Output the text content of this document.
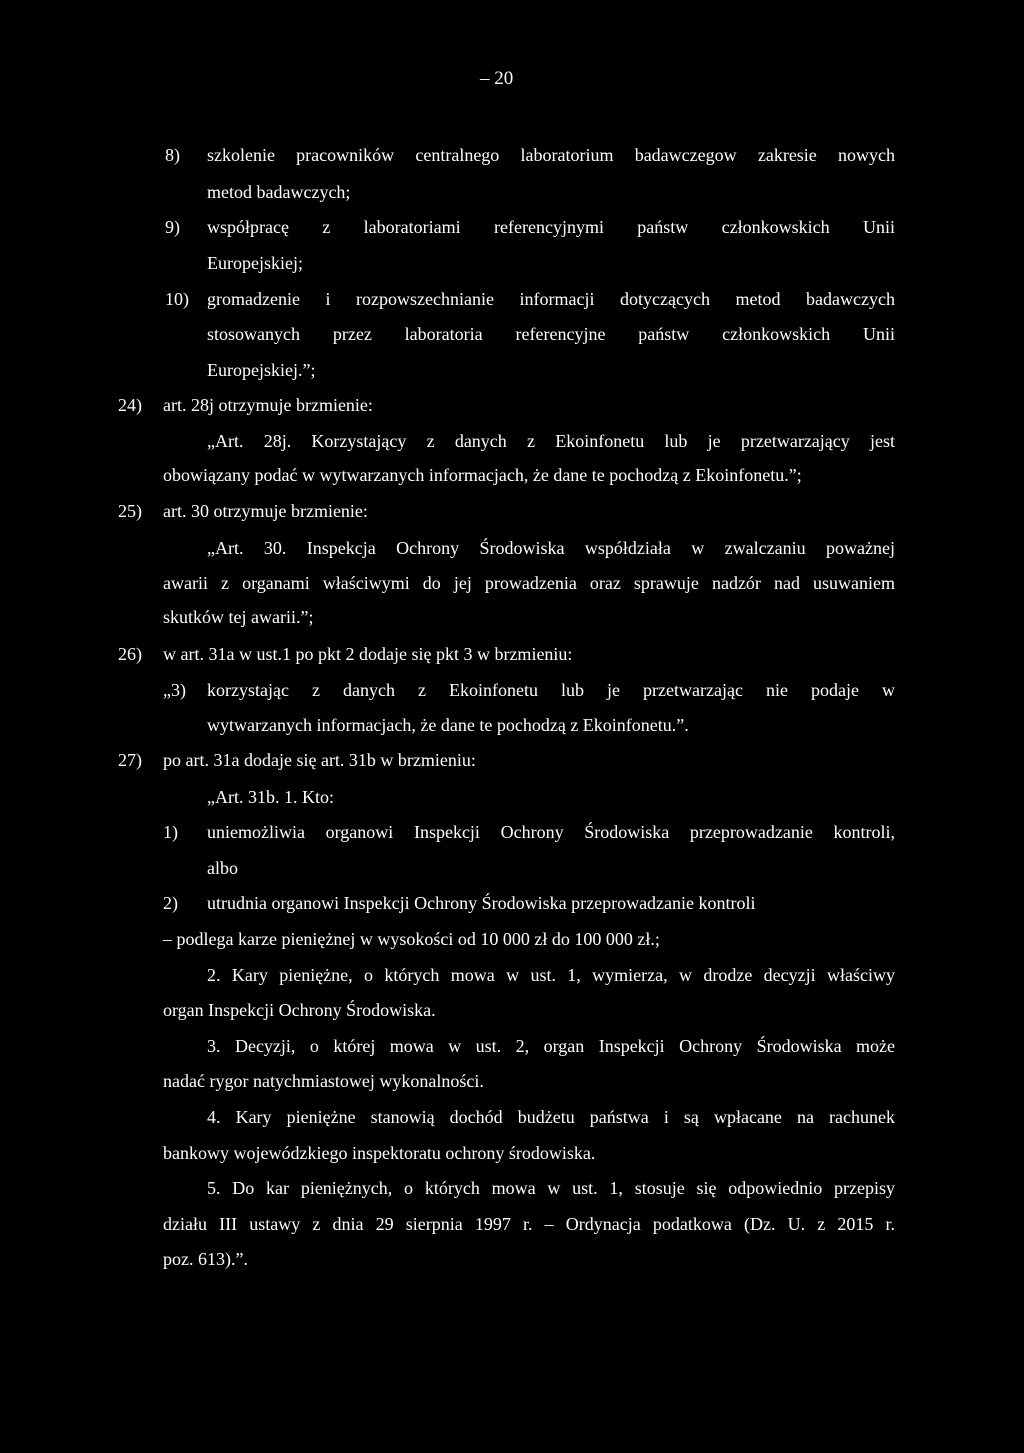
– 20
8) szkolenie pracowników centralnego laboratorium badawczegow zakresie nowych
metod badawczych;
9) współpracę z laboratoriami referencyjnymi państw członkowskich Unii
Europejskiej;
10) gromadzenie i rozpowszechnianie informacji dotyczących metod badawczych
stosowanych przez laboratoria referencyjne państw członkowskich Unii
Europejskiej.”;
24) art. 28j otrzymuje brzmienie:
„Art. 28j. Korzystający z danych z Ekoinfonetu lub je przetwarzający jest
obowiązany podać w wytwarzanych informacjach, że dane te pochodzą z Ekoinfonetu.”;
25) art. 30 otrzymuje brzmienie:
„Art. 30. Inspekcja Ochrony Środowiska współdziała w zwalczaniu poważnej
awarii z organami właściwymi do jej prowadzenia oraz sprawuje nadzór nad usuwaniem
skutków tej awarii.”;
26) w art. 31a w ust.1 po pkt 2 dodaje się pkt 3 w brzmieniu:
„3) korzystając z danych z Ekoinfonetu lub je przetwarzając nie podaje w
wytwarzanych informacjach, że dane te pochodzą z Ekoinfonetu.”.
27) po art. 31a dodaje się art. 31b w brzmieniu:
„Art. 31b. 1. Kto:
1) uniemożliwia organowi Inspekcji Ochrony Środowiska przeprowadzanie kontroli,
albo
2) utrudnia organowi Inspekcji Ochrony Środowiska przeprowadzanie kontroli
– podlega karze pieniężnej w wysokości od 10 000 zł do 100 000 zł.;
2. Kary pieniężne, o których mowa w ust. 1, wymierza, w drodze decyzji właściwy
organ Inspekcji Ochrony Środowiska.
3. Decyzji, o której mowa w ust. 2, organ Inspekcji Ochrony Środowiska może
nadać rygor natychmiastowej wykonalności.
4. Kary pieniężne stanowią dochód budżetu państwa i są wpłacane na rachunek
bankowy wojewódzkiego inspektoratu ochrony środowiska.
5. Do kar pieniężnych, o których mowa w ust. 1, stosuje się odpowiednio przepisy
działu III ustawy z dnia 29 sierpnia 1997 r. – Ordynacja podatkowa (Dz. U. z 2015 r.
poz. 613).”.
